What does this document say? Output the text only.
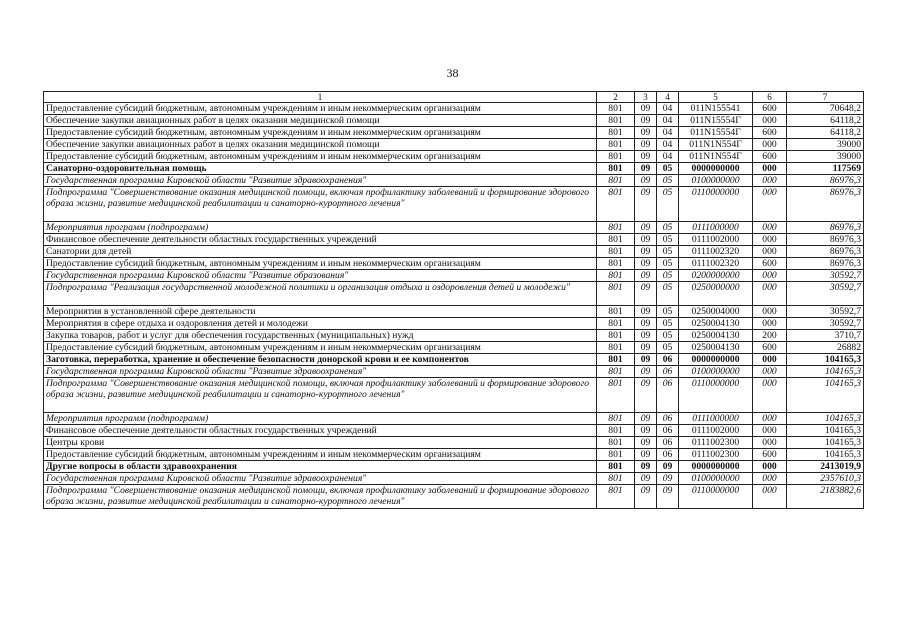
38
1	2	3	4	5	6	7
Предоставление субсидий бюджетным, автономным учреждениям и иным некоммерческим организациям	801	09	04	011N155541	600	70648,2
Обеспечение закупки авиационных работ в целях оказания медицинской помощи	801	09	04	011N15554Г	000	64118,2
Предоставление субсидий бюджетным, автономным учреждениям и иным некоммерческим организациям	801	09	04	011N15554Г	600	64118,2
Обеспечение закупки авиационных работ в целях оказания медицинской помощи	801	09	04	011N1N554Г	000	39000
Предоставление субсидий бюджетным, автономным учреждениям и иным некоммерческим организациям	801	09	04	011N1N554Г	600	39000
Санаторно-оздоровительная помощь	801	09	05	0000000000	000	117569
Государственная программа Кировской области "Развитие здравоохранения"	801	09	05	0100000000	000	86976,3
Подпрограмма "Совершенствование оказания медицинской помощи, включая профилактику заболеваний и формирование здорового образа жизни, развитие медицинской реабилитации и санаторно-курортного лечения"	801	09	05	0110000000	000	86976,3
Мероприятия программ (подпрограмм)	801	09	05	0111000000	000	86976,3
Финансовое обеспечение деятельности областных государственных учреждений	801	09	05	0111002000	000	86976,3
Санатории для детей	801	09	05	0111002320	000	86976,3
Предоставление субсидий бюджетным, автономным учреждениям и иным некоммерческим организациям	801	09	05	0111002320	600	86976,3
Государственная программа Кировской области "Развитие образования"	801	09	05	0200000000	000	30592,7
Подпрограмма "Реализация государственной молодежной политики и организация отдыха и оздоровления детей и молодежи"	801	09	05	0250000000	000	30592,7
Мероприятия в установленной сфере деятельности	801	09	05	0250004000	000	30592,7
Мероприятия в сфере отдыха и оздоровления детей и молодежи	801	09	05	0250004130	000	30592,7
Закупка товаров, работ и услуг для обеспечения государственных (муниципальных) нужд	801	09	05	0250004130	200	3710,7
Предоставление субсидий бюджетным, автономным учреждениям и иным некоммерческим организациям	801	09	05	0250004130	600	26882
Заготовка, переработка, хранение и обеспечение безопасности донорской крови и ее компонентов	801	09	06	0000000000	000	104165,3
Государственная программа Кировской области "Развитие здравоохранения"	801	09	06	0100000000	000	104165,3
Подпрограмма "Совершенствование оказания медицинской помощи, включая профилактику заболеваний и формирование здорового образа жизни, развитие медицинской реабилитации и санаторно-курортного лечения"	801	09	06	0110000000	000	104165,3
Мероприятия программ (подпрограмм)	801	09	06	0111000000	000	104165,3
Финансовое обеспечение деятельности областных государственных учреждений	801	09	06	0111002000	000	104165,3
Центры крови	801	09	06	0111002300	000	104165,3
Предоставление субсидий бюджетным, автономным учреждениям и иным некоммерческим организациям	801	09	06	0111002300	600	104165,3
Другие вопросы в области здравоохранения	801	09	09	0000000000	000	2413019,9
Государственная программа Кировской области "Развитие здравоохранения"	801	09	09	0100000000	000	2357610,3
Подпрограмма "Совершенствование оказания медицинской помощи, включая профилактику заболеваний и формирование здорового образа жизни, развитие медицинской реабилитации и санаторно-курортного лечения"	801	09	09	0110000000	000	2183882,6
